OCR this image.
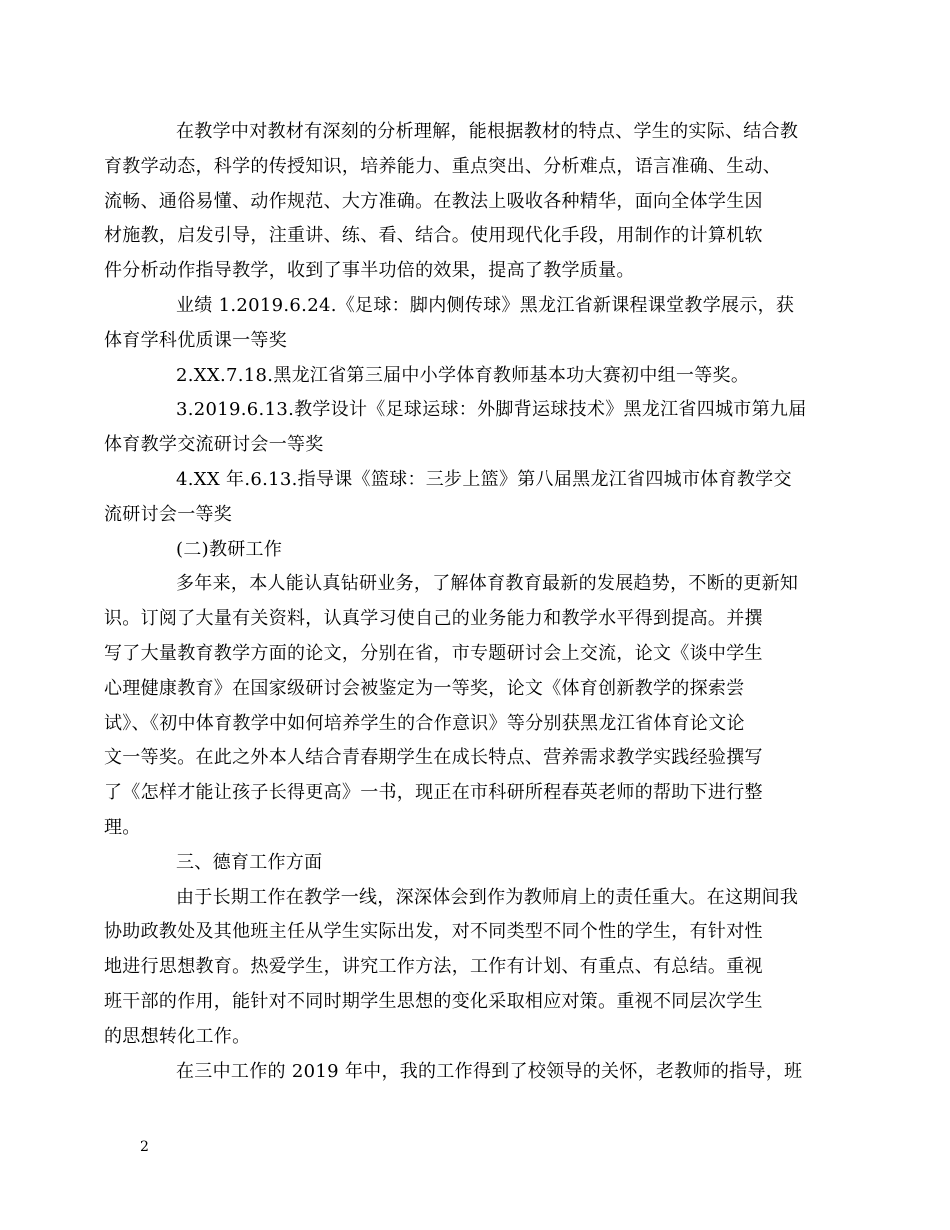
在教学中对教材有深刻的分析理解，能根据教材的特点、学生的实际、结合教
育教学动态，科学的传授知识，培养能力、重点突出、分析难点，语言准确、生动、
流畅、通俗易懂、动作规范、大方准确。在教法上吸收各种精华，面向全体学生因
材施教，启发引导，注重讲、练、看、结合。使用现代化手段，用制作的计算机软
件分析动作指导教学，收到了事半功倍的效果，提高了教学质量。
业绩 1.2019.6.24.《足球：脚内侧传球》黑龙江省新课程课堂教学展示，获
体育学科优质课一等奖
2.XX.7.18.黑龙江省第三届中小学体育教师基本功大赛初中组一等奖。
3.2019.6.13.教学设计《足球运球：外脚背运球技术》黑龙江省四城市第九届
体育教学交流研讨会一等奖
4.XX 年.6.13.指导课《篮球：三步上篮》第八届黑龙江省四城市体育教学交
流研讨会一等奖
(二)教研工作
多年来，本人能认真钻研业务，了解体育教育最新的发展趋势，不断的更新知
识。订阅了大量有关资料，认真学习使自己的业务能力和教学水平得到提高。并撰
写了大量教育教学方面的论文，分别在省，市专题研讨会上交流，论文《谈中学生
心理健康教育》在国家级研讨会被鉴定为一等奖，论文《体育创新教学的探索尝
试》、《初中体育教学中如何培养学生的合作意识》等分别获黑龙江省体育论文论
文一等奖。在此之外本人结合青春期学生在成长特点、营养需求教学实践经验撰写
了《怎样才能让孩子长得更高》一书，现正在市科研所程春英老师的帮助下进行整
理。
三、德育工作方面
由于长期工作在教学一线，深深体会到作为教师肩上的责任重大。在这期间我
协助政教处及其他班主任从学生实际出发，对不同类型不同个性的学生，有针对性
地进行思想教育。热爱学生，讲究工作方法，工作有计划、有重点、有总结。重视
班干部的作用，能针对不同时期学生思想的变化采取相应对策。重视不同层次学生
的思想转化工作。
在三中工作的 2019 年中，我的工作得到了校领导的关怀，老教师的指导，班
2
